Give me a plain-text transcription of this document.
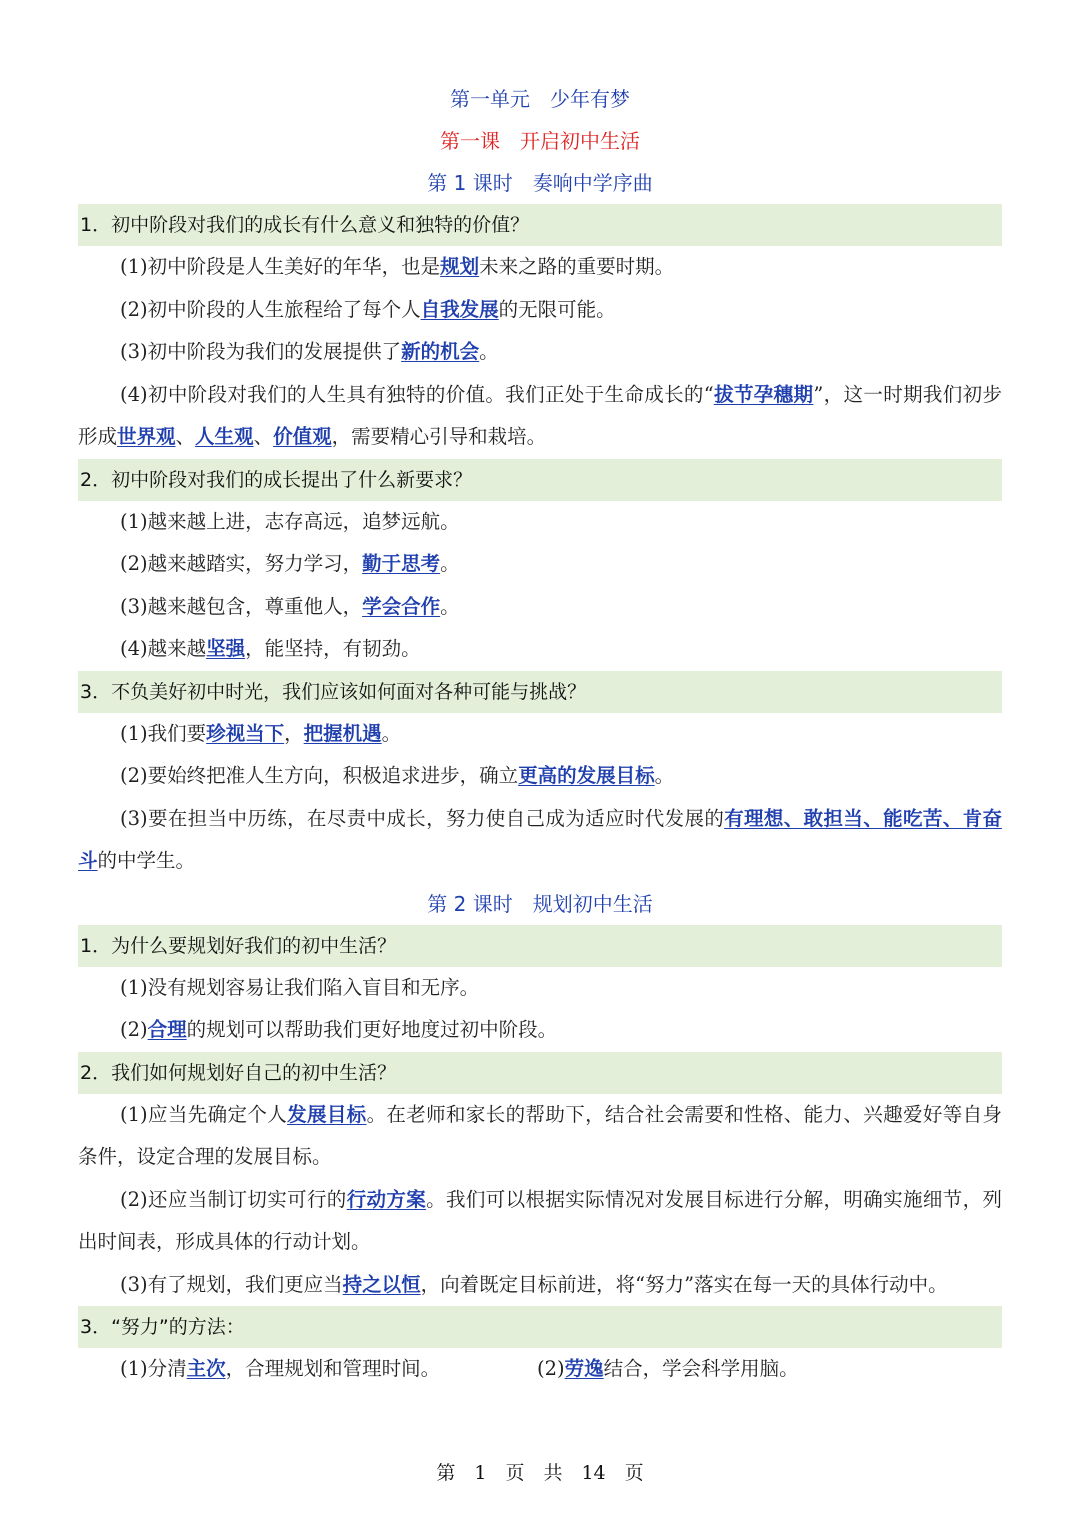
第一单元　少年有梦
第一课　开启初中生活
第 1 课时　奏响中学序曲
1．初中阶段对我们的成长有什么意义和独特的价值？
(1)初中阶段是人生美好的年华，也是规划未来之路的重要时期。
(2)初中阶段的人生旅程给了每个人自我发展的无限可能。
(3)初中阶段为我们的发展提供了新的机会。
(4)初中阶段对我们的人生具有独特的价值。我们正处于生命成长的“拔节孕穗期”，这一时期我们初步形成世界观、人生观、价值观，需要精心引导和栽培。
2．初中阶段对我们的成长提出了什么新要求？
(1)越来越上进，志存高远，追梦远航。
(2)越来越踏实，努力学习，勤于思考。
(3)越来越包含，尊重他人，学会合作。
(4)越来越坚强，能坚持，有韧劲。
3．不负美好初中时光，我们应该如何面对各种可能与挑战？
(1)我们要珍视当下，把握机遇。
(2)要始终把准人生方向，积极追求进步，确立更高的发展目标。
(3)要在担当中历练，在尽责中成长，努力使自己成为适应时代发展的有理想、敢担当、能吃苦、肯奋斗的中学生。
第 2 课时　规划初中生活
1．为什么要规划好我们的初中生活？
(1)没有规划容易让我们陷入盲目和无序。
(2)合理的规划可以帮助我们更好地度过初中阶段。
2．我们如何规划好自己的初中生活？
(1)应当先确定个人发展目标。在老师和家长的帮助下，结合社会需要和性格、能力、兴趣爱好等自身条件，设定合理的发展目标。
(2)还应当制订切实可行的行动方案。我们可以根据实际情况对发展目标进行分解，明确实施细节，列出时间表，形成具体的行动计划。
(3)有了规划，我们更应当持之以恒，向着既定目标前进，将“努力”落实在每一天的具体行动中。
3．“努力”的方法：
(1)分清主次，合理规划和管理时间。	(2)劳逸结合，学会科学用脑。
第　1　页　共　14　页
